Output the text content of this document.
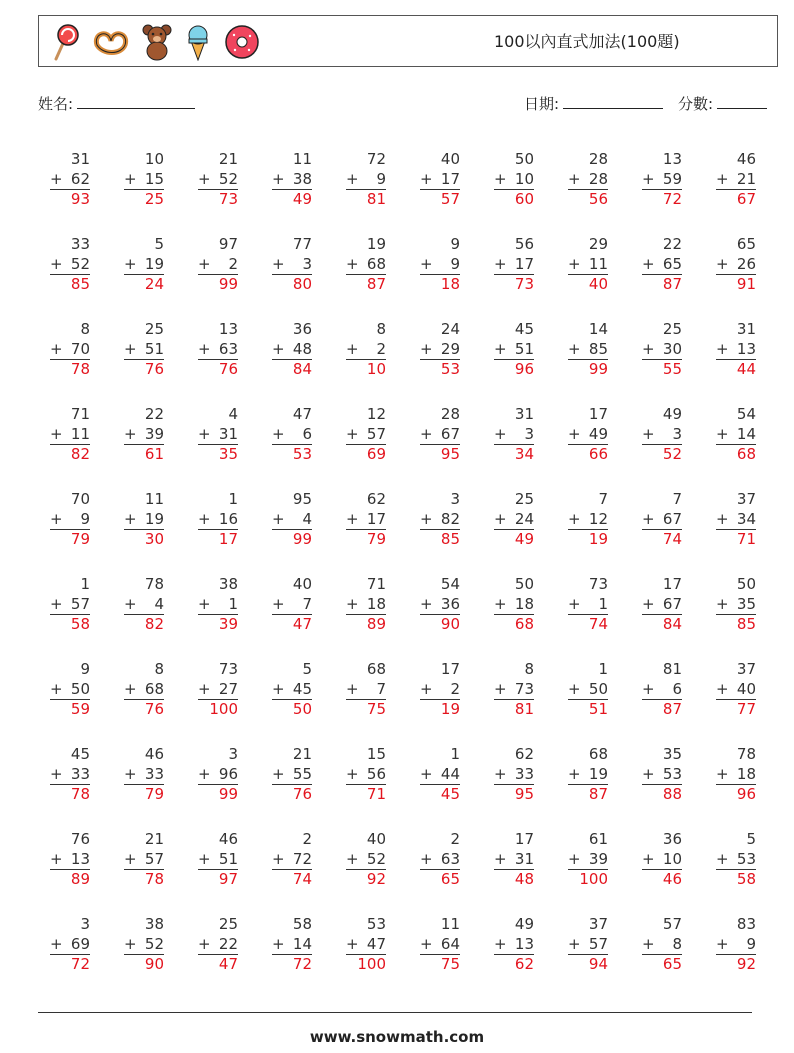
100以內直式加法(100題)
姓名:	日期:	分數:
31
+ 62
93
10
+ 15
25
21
+ 52
73
11
+ 38
49
72
+ 9
81
40
+ 17
57
50
+ 10
60
28
+ 28
56
13
+ 59
72
46
+ 21
67
33
+ 52
85
5
+ 19
24
97
+ 2
99
77
+ 3
80
19
+ 68
87
9
+ 9
18
56
+ 17
73
29
+ 11
40
22
+ 65
87
65
+ 26
91
8
+ 70
78
25
+ 51
76
13
+ 63
76
36
+ 48
84
8
+ 2
10
24
+ 29
53
45
+ 51
96
14
+ 85
99
25
+ 30
55
31
+ 13
44
71
+ 11
82
22
+ 39
61
4
+ 31
35
47
+ 6
53
12
+ 57
69
28
+ 67
95
31
+ 3
34
17
+ 49
66
49
+ 3
52
54
+ 14
68
70
+ 9
79
11
+ 19
30
1
+ 16
17
95
+ 4
99
62
+ 17
79
3
+ 82
85
25
+ 24
49
7
+ 12
19
7
+ 67
74
37
+ 34
71
1
+ 57
58
78
+ 4
82
38
+ 1
39
40
+ 7
47
71
+ 18
89
54
+ 36
90
50
+ 18
68
73
+ 1
74
17
+ 67
84
50
+ 35
85
9
+ 50
59
8
+ 68
76
73
+ 27
100
5
+ 45
50
68
+ 7
75
17
+ 2
19
8
+ 73
81
1
+ 50
51
81
+ 6
87
37
+ 40
77
45
+ 33
78
46
+ 33
79
3
+ 96
99
21
+ 55
76
15
+ 56
71
1
+ 44
45
62
+ 33
95
68
+ 19
87
35
+ 53
88
78
+ 18
96
76
+ 13
89
21
+ 57
78
46
+ 51
97
2
+ 72
74
40
+ 52
92
2
+ 63
65
17
+ 31
48
61
+ 39
100
36
+ 10
46
5
+ 53
58
3
+ 69
72
38
+ 52
90
25
+ 22
47
58
+ 14
72
53
+ 47
100
11
+ 64
75
49
+ 13
62
37
+ 57
94
57
+ 8
65
83
+ 9
92
www.snowmath.com
